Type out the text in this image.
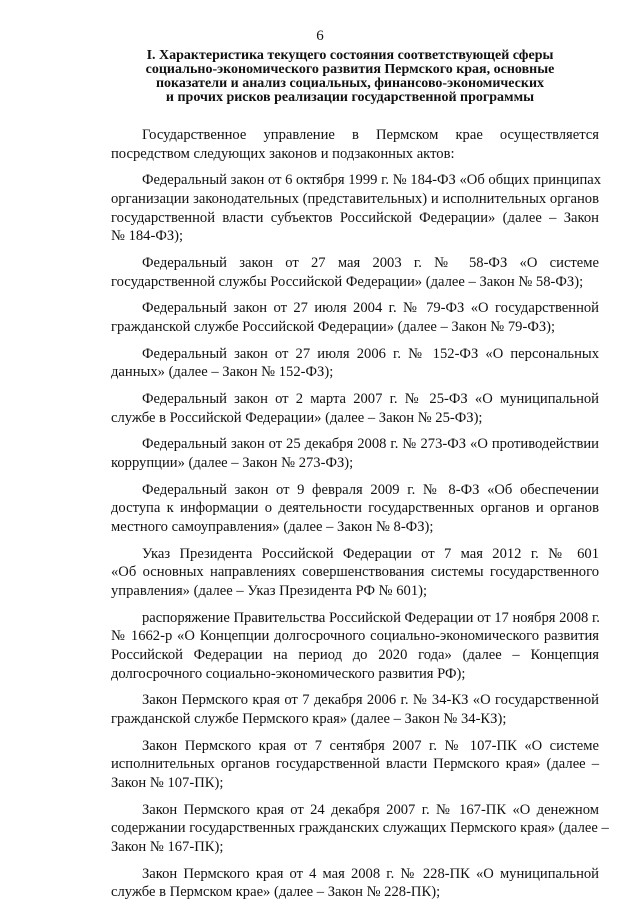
6
I. Характеристика текущего состояния соответствующей сферы
социально-экономического развития Пермского края, основные
показатели и анализ социальных, финансово-экономических
и прочих рисков реализации государственной программы
Государственное управление в Пермском крае осуществляется
посредством следующих законов и подзаконных актов:
Федеральный закон от 6 октября 1999 г. № 184-ФЗ «Об общих принципах
организации законодательных (представительных) и исполнительных органов
государственной власти субъектов Российской Федерации» (далее – Закон
№ 184-ФЗ);
Федеральный закон от 27 мая 2003 г. № 58-ФЗ «О системе
государственной службы Российской Федерации» (далее – Закон № 58-ФЗ);
Федеральный закон от 27 июля 2004 г. № 79-ФЗ «О государственной
гражданской службе Российской Федерации» (далее – Закон № 79-ФЗ);
Федеральный закон от 27 июля 2006 г. № 152-ФЗ «О персональных
данных» (далее – Закон № 152-ФЗ);
Федеральный закон от 2 марта 2007 г. № 25-ФЗ «О муниципальной
службе в Российской Федерации» (далее – Закон № 25-ФЗ);
Федеральный закон от 25 декабря 2008 г. № 273-ФЗ «О противодействии
коррупции» (далее – Закон № 273-ФЗ);
Федеральный закон от 9 февраля 2009 г. № 8-ФЗ «Об обеспечении
доступа к информации о деятельности государственных органов и органов
местного самоуправления» (далее – Закон № 8-ФЗ);
Указ Президента Российской Федерации от 7 мая 2012 г. № 601
«Об основных направлениях совершенствования системы государственного
управления» (далее – Указ Президента РФ № 601);
распоряжение Правительства Российской Федерации от 17 ноября 2008 г.
№ 1662-р «О Концепции долгосрочного социально-экономического развития
Российской Федерации на период до 2020 года» (далее – Концепция
долгосрочного социально-экономического развития РФ);
Закон Пермского края от 7 декабря 2006 г. № 34-КЗ «О государственной
гражданской службе Пермского края» (далее – Закон № 34-КЗ);
Закон Пермского края от 7 сентября 2007 г. № 107-ПК «О системе
исполнительных органов государственной власти Пермского края» (далее –
Закон № 107-ПК);
Закон Пермского края от 24 декабря 2007 г. № 167-ПК «О денежном
содержании государственных гражданских служащих Пермского края» (далее –
Закон № 167-ПК);
Закон Пермского края от 4 мая 2008 г. № 228-ПК «О муниципальной
службе в Пермском крае» (далее – Закон № 228-ПК);
